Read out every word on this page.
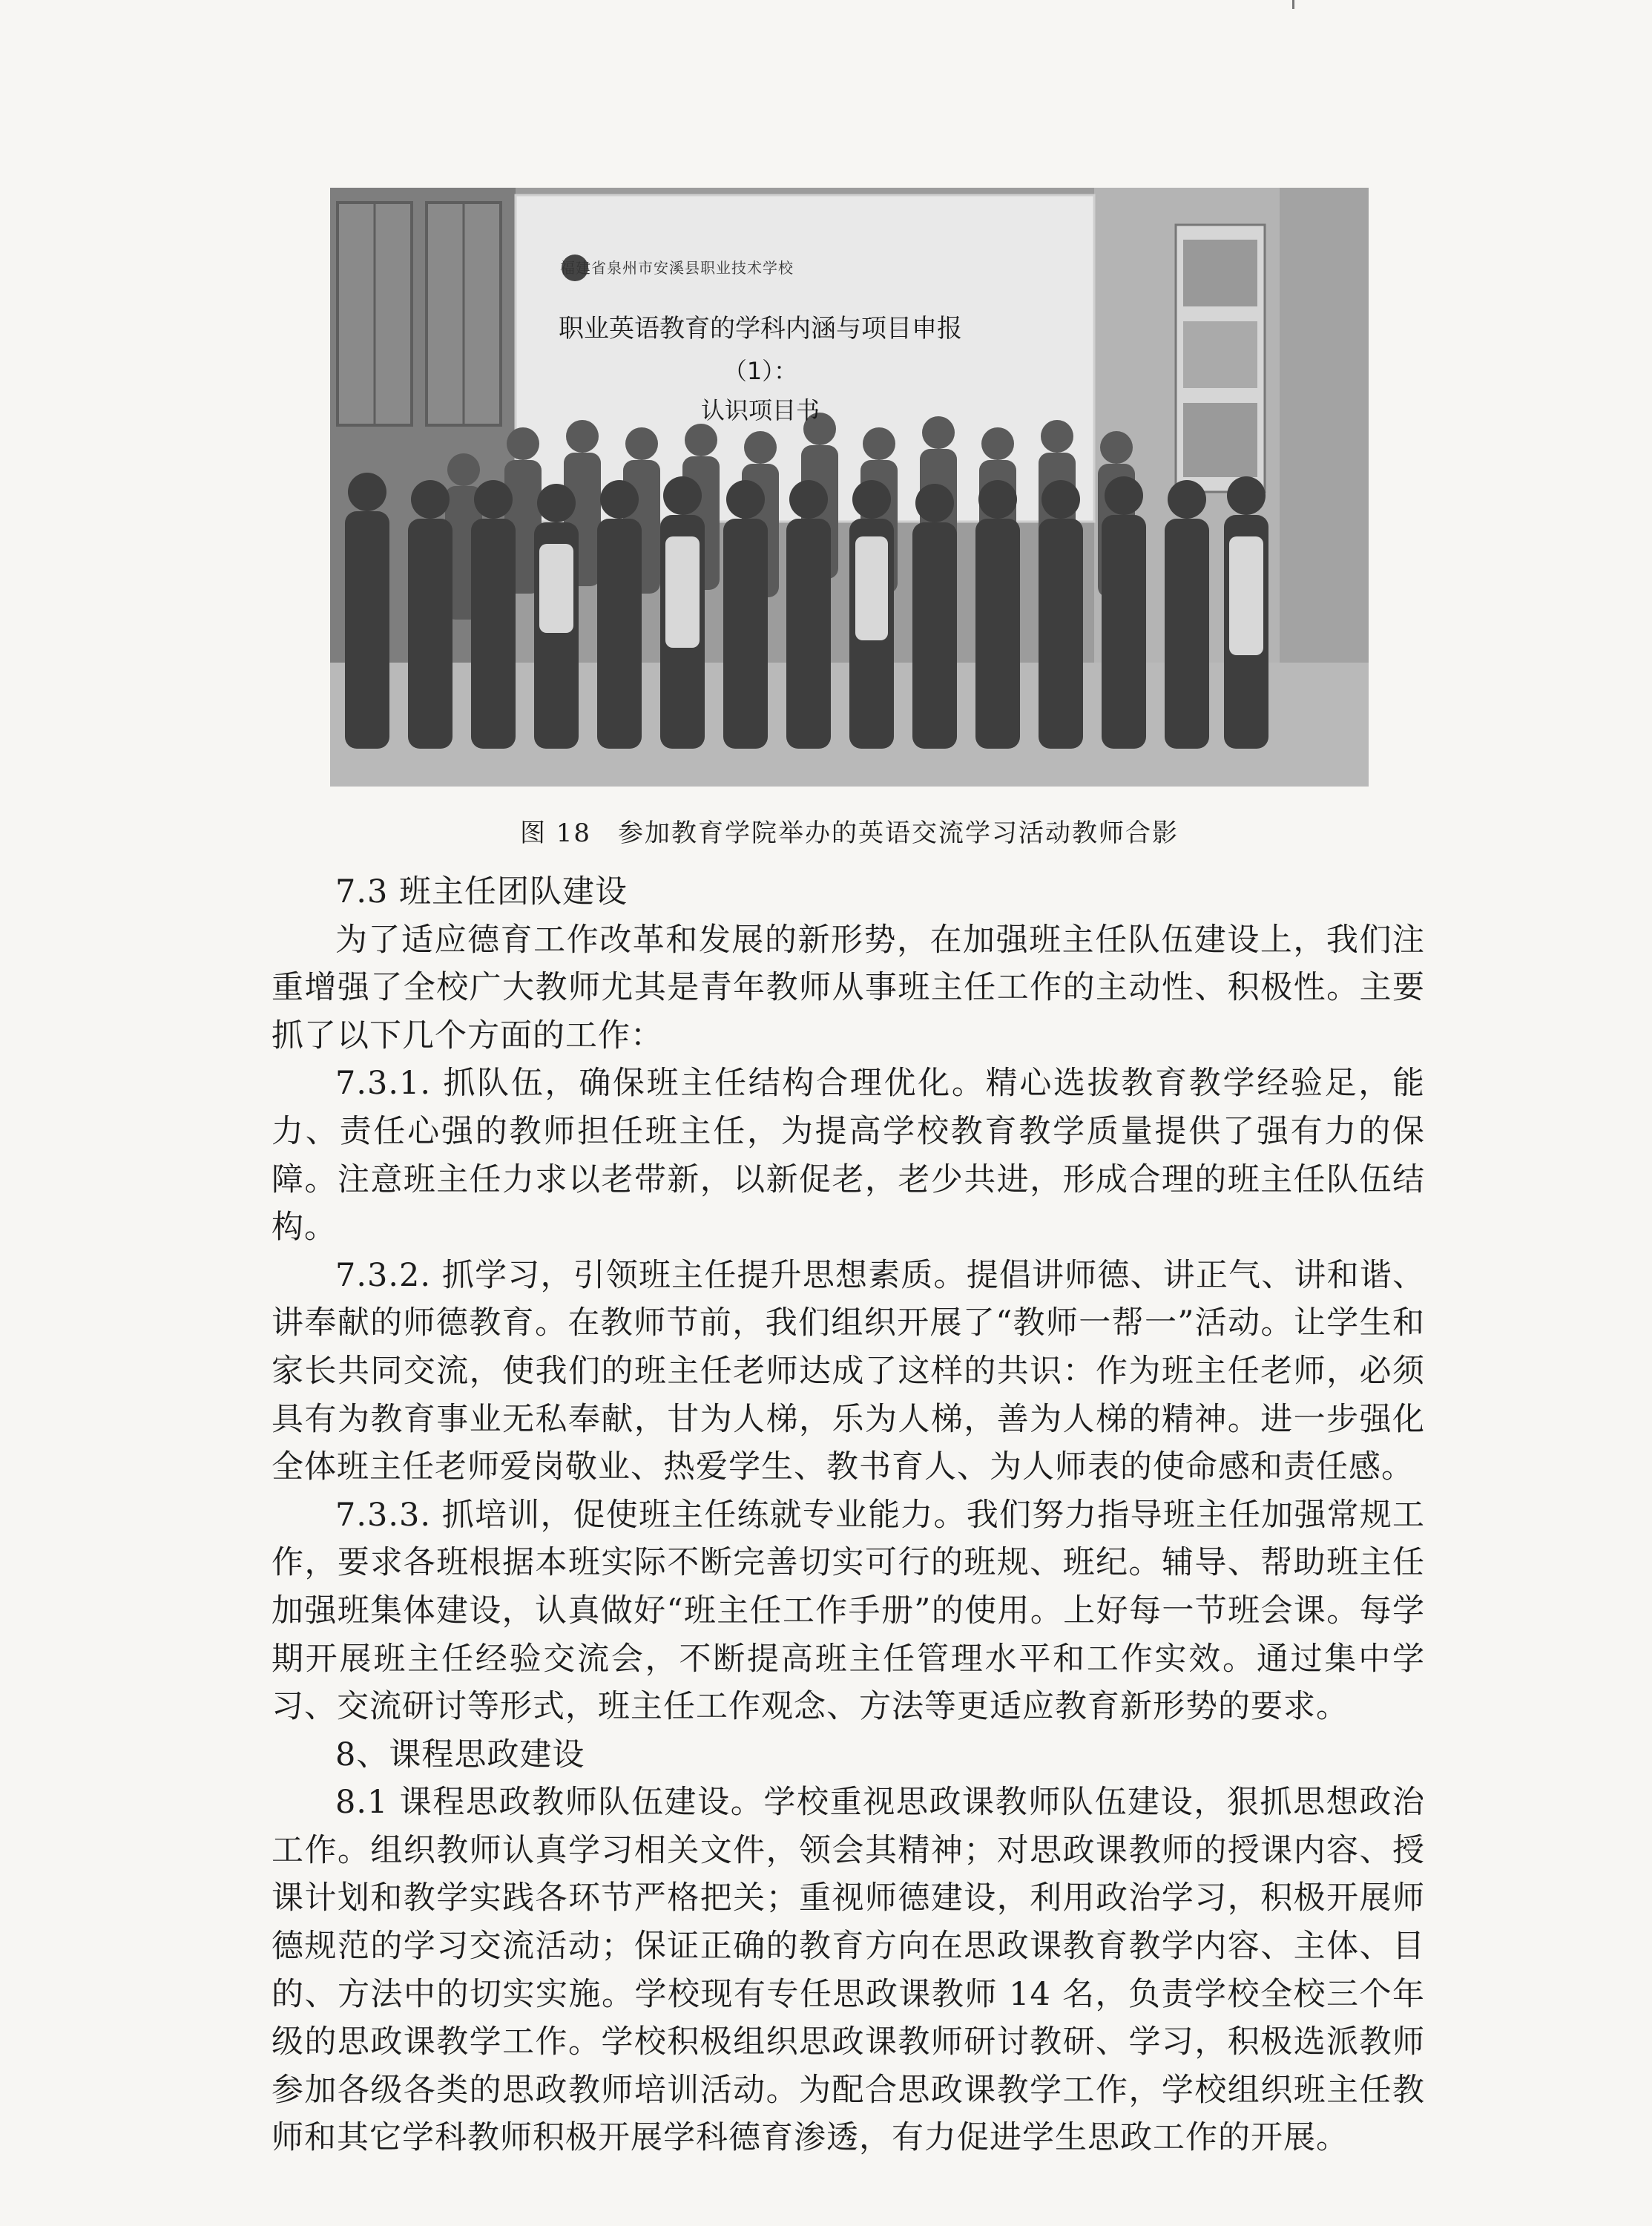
福建省泉州市安溪县职业技术学校
职业英语教育的学科内涵与项目申报
（1）：
认识项目书
图 18　参加教育学院举办的英语交流学习活动教师合影

7.3 班主任团队建设

为了适应德育工作改革和发展的新形势，在加强班主任队伍建设上，我们注重增强了全校广大教师尤其是青年教师从事班主任工作的主动性、积极性。主要抓了以下几个方面的工作：

7.3.1. 抓队伍，确保班主任结构合理优化。精心选拔教育教学经验足，能力、责任心强的教师担任班主任，为提高学校教育教学质量提供了强有力的保障。注意班主任力求以老带新，以新促老，老少共进，形成合理的班主任队伍结构。

7.3.2. 抓学习，引领班主任提升思想素质。提倡讲师德、讲正气、讲和谐、讲奉献的师德教育。在教师节前，我们组织开展了“教师一帮一”活动。让学生和家长共同交流，使我们的班主任老师达成了这样的共识：作为班主任老师，必须具有为教育事业无私奉献，甘为人梯，乐为人梯，善为人梯的精神。进一步强化全体班主任老师爱岗敬业、热爱学生、教书育人、为人师表的使命感和责任感。

7.3.3. 抓培训，促使班主任练就专业能力。我们努力指导班主任加强常规工作，要求各班根据本班实际不断完善切实可行的班规、班纪。辅导、帮助班主任加强班集体建设，认真做好“班主任工作手册”的使用。上好每一节班会课。每学期开展班主任经验交流会，不断提高班主任管理水平和工作实效。通过集中学习、交流研讨等形式，班主任工作观念、方法等更适应教育新形势的要求。

8、课程思政建设

8.1 课程思政教师队伍建设。学校重视思政课教师队伍建设，狠抓思想政治工作。组织教师认真学习相关文件，领会其精神；对思政课教师的授课内容、授课计划和教学实践各环节严格把关；重视师德建设，利用政治学习，积极开展师德规范的学习交流活动；保证正确的教育方向在思政课教育教学内容、主体、目的、方法中的切实实施。学校现有专任思政课教师 14 名，负责学校全校三个年级的思政课教学工作。学校积极组织思政课教师研讨教研、学习，积极选派教师参加各级各类的思政教师培训活动。为配合思政课教学工作，学校组织班主任教师和其它学科教师积极开展学科德育渗透，有力促进学生思政工作的开展。
